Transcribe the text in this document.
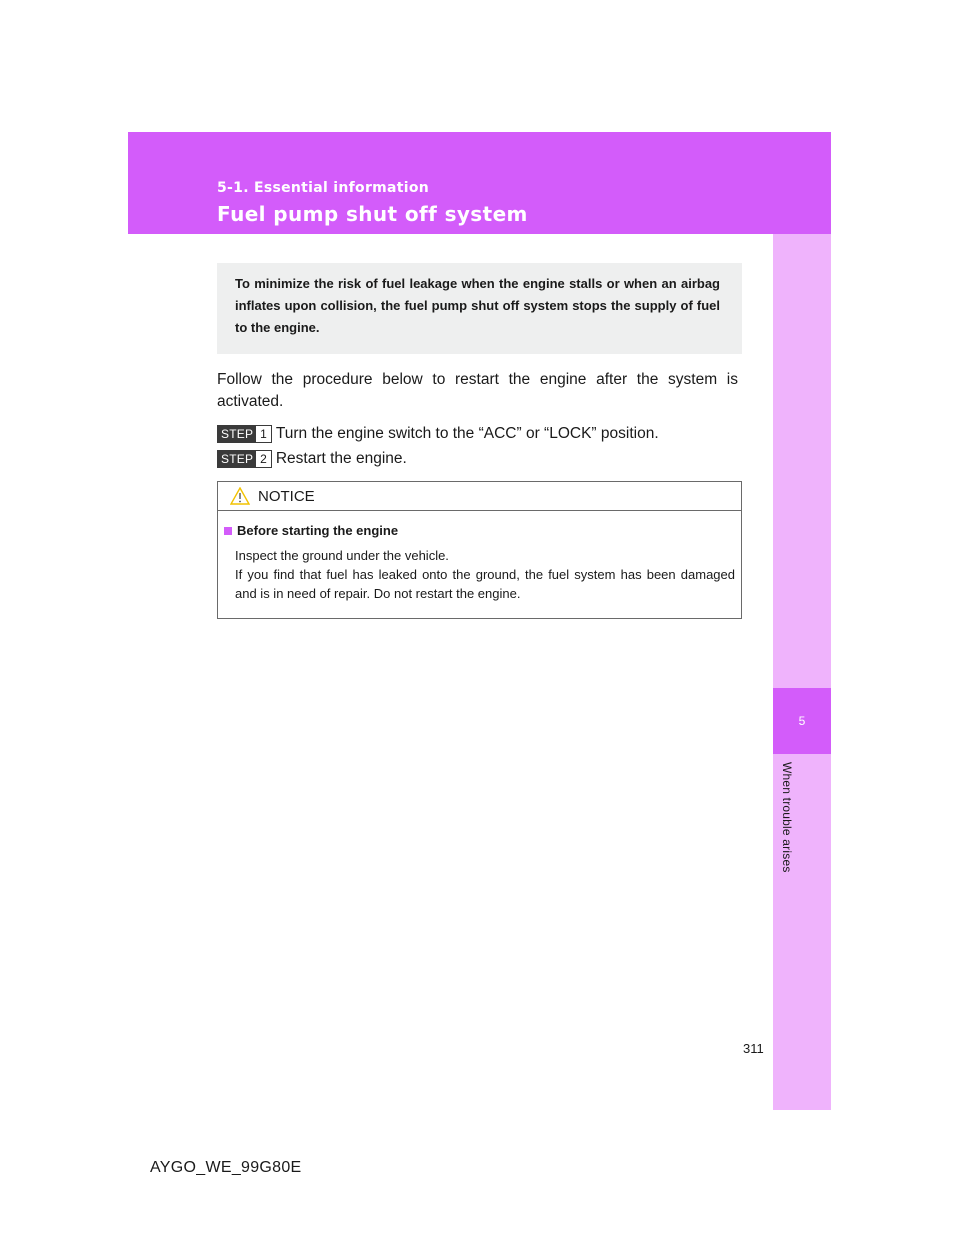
5-1. Essential information
Fuel pump shut off system
5
When trouble arises

To minimize the risk of fuel leakage when the engine stalls or when an airbag inflates upon collision, the fuel pump shut off system stops the supply of fuel to the engine.

Follow the procedure below to restart the engine after the system is activated.

STEP 1 Turn the engine switch to the “ACC” or “LOCK” position.
STEP 2 Restart the engine.
NOTICE
Before starting the engine
Inspect the ground under the vehicle.
If you find that fuel has leaked onto the ground, the fuel system has been damaged and is in need of repair. Do not restart the engine.
311
AYGO_WE_99G80E
